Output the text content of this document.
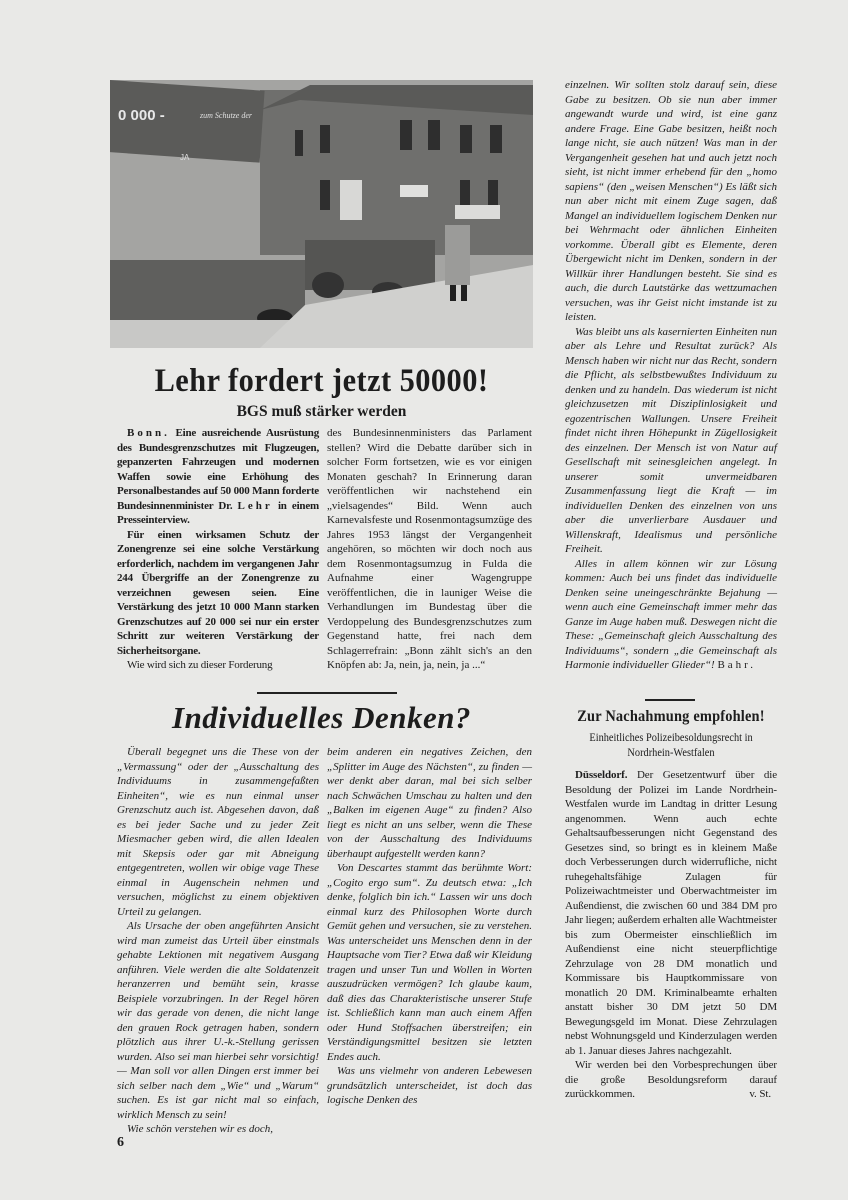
0 000 -	zum Schutze der
JA
Lehr fordert jetzt 50000!
BGS muß stärker werden

Bonn. Eine ausreichende Ausrüstung des Bundesgrenzschutzes mit Flugzeugen, gepanzerten Fahrzeugen und modernen Waffen sowie eine Erhöhung des Personalbestandes auf 50 000 Mann forderte Bundesinnenminister Dr. Lehr in einem Presseinterview.

Für einen wirksamen Schutz der Zonengrenze sei eine solche Verstärkung erforderlich, nachdem im vergangenen Jahr 244 Übergriffe an der Zonengrenze zu verzeichnen gewesen seien. Eine Verstärkung des jetzt 10 000 Mann starken Grenzschutzes auf 20 000 sei nur ein erster Schritt zur weiteren Verstärkung der Sicherheitsorgane.

Wie wird sich zu dieser Forderung

des Bundesinnenministers das Parlament stellen? Wird die Debatte darüber sich in solcher Form fortsetzen, wie es vor einigen Monaten geschah? In Erinnerung daran veröffentlichen wir nachstehend ein „vielsagendes“ Bild. Wenn auch Karnevalsfeste und Rosenmontagsumzüge des Jahres 1953 längst der Vergangenheit angehören, so möchten wir doch noch aus dem Rosenmontagsumzug in Fulda die Aufnahme einer Wagengruppe veröffentlichen, die in launiger Weise die Verhandlungen im Bundestag über die Verdoppelung des Bundesgrenzschutzes zum Gegenstand hatte, frei nach dem Schlagerrefrain: „Bonn zählt sich's an den Knöpfen ab: Ja, nein, ja, nein, ja ...“

Individuelles Denken?

Überall begegnet uns die These von der „Vermassung“ oder der „Ausschaltung des Individuums in zusammengefaßten Einheiten“, wie es nun einmal unser Grenzschutz auch ist. Abgesehen davon, daß es bei jeder Sache und zu jeder Zeit Miesmacher geben wird, die allen Idealen mit Skepsis oder gar mit Abneigung entgegentreten, wollen wir obige vage These einmal in Augenschein nehmen und versuchen, möglichst zu einem objektiven Urteil zu gelangen.

Als Ursache der oben angeführten Ansicht wird man zumeist das Urteil über einstmals gehabte Lektionen mit negativem Ausgang anführen. Viele werden die alte Soldatenzeit heranzerren und bemüht sein, krasse Beispiele vorzubringen. In der Regel hören wir das gerade von denen, die nicht lange den grauen Rock getragen haben, sondern plötzlich aus ihrer U.-k.-Stellung gerissen wurden. Also sei man hierbei sehr vorsichtig! — Man soll vor allen Dingen erst immer bei sich selber nach dem „Wie“ und „Warum“ suchen. Es ist gar nicht mal so einfach, wirklich Mensch zu sein!

Wie schön verstehen wir es doch,

beim anderen ein negatives Zeichen, den „Splitter im Auge des Nächsten“, zu finden — wer denkt aber daran, mal bei sich selber nach Schwächen Umschau zu halten und den „Balken im eigenen Auge“ zu finden? Also liegt es nicht an uns selber, wenn die These von der Ausschaltung des Individuums überhaupt aufgestellt werden kann?

Von Descartes stammt das berühmte Wort: „Cogito ergo sum“. Zu deutsch etwa: „Ich denke, folglich bin ich.“ Lassen wir uns doch einmal kurz des Philosophen Worte durch Gemüt gehen und versuchen, sie zu verstehen. Was unterscheidet uns Menschen denn in der Hauptsache vom Tier? Etwa daß wir Kleidung tragen und unser Tun und Wollen in Worten auszudrücken vermögen? Ich glaube kaum, daß dies das Charakteristische unserer Stufe ist. Schließlich kann man auch einem Affen oder Hund Stoffsachen überstreifen; ein Verständigungsmittel besitzen sie letzten Endes auch.

Was uns vielmehr von anderen Lebewesen grundsätzlich unterscheidet, ist doch das logische Denken des

einzelnen. Wir sollten stolz darauf sein, diese Gabe zu besitzen. Ob sie nun aber immer angewandt wurde und wird, ist eine ganz andere Frage. Eine Gabe besitzen, heißt noch lange nicht, sie auch nützen! Was man in der Vergangenheit gesehen hat und auch jetzt noch sieht, ist nicht immer erhebend für den „homo sapiens“ (den „weisen Menschen“) Es läßt sich nun aber nicht mit einem Zuge sagen, daß Mangel an individuellem logischem Denken nur bei Wehrmacht oder ähnlichen Einheiten vorkomme. Überall gibt es Elemente, deren Übergewicht nicht im Denken, sondern in der Willkür ihrer Handlungen besteht. Sie sind es auch, die durch Lautstärke das wettzumachen versuchen, was ihr Geist nicht imstande ist zu leisten.

Was bleibt uns als kasernierten Einheiten nun aber als Lehre und Resultat zurück? Als Mensch haben wir nicht nur das Recht, sondern die Pflicht, als selbstbewußtes Individuum zu denken und zu handeln. Das wiederum ist nicht gleichzusetzen mit Disziplinlosigkeit und egozentrischen Wallungen. Unsere Freiheit findet nicht ihren Höhepunkt in Zügellosigkeit des einzelnen. Der Mensch ist von Natur auf Gesellschaft mit seinesgleichen angelegt. In unserer somit unvermeidbaren Zusammenfassung liegt die Kraft — im individuellen Denken des einzelnen von uns aber die unverlierbare Ausdauer und Willenskraft, Idealismus und persönliche Freiheit.

Alles in allem können wir zur Lösung kommen: Auch bei uns findet das individuelle Denken seine uneingeschränkte Bejahung — wenn auch eine Gemeinschaft immer mehr das Ganze im Auge haben muß. Deswegen nicht die These: „Gemeinschaft gleich Ausschaltung des Individuums“, sondern „die Gemeinschaft als Harmonie individueller Glieder“! Bahr.

Zur Nachahmung empfohlen!
Einheitliches Polizeibesoldungsrecht in
Nordrhein-Westfalen

Düsseldorf. Der Gesetzentwurf über die Besoldung der Polizei im Lande Nordrhein-Westfalen wurde im Landtag in dritter Lesung angenommen. Wenn auch echte Gehaltsaufbesserungen nicht Gegenstand des Gesetzes sind, so bringt es in kleinem Maße doch Verbesserungen durch widerrufliche, nicht ruhegehaltsfähige Zulagen für Polizeiwachtmeister und Oberwachtmeister im Außendienst, die zwischen 60 und 384 DM pro Jahr liegen; außerdem erhalten alle Wachtmeister bis zum Obermeister einschließlich im Außendienst eine nicht steuerpflichtige Zehrzulage von 28 DM monatlich und Kommissare bis Hauptkommissare von monatlich 20 DM. Kriminalbeamte erhalten anstatt bisher 30 DM jetzt 50 DM Bewegungsgeld im Monat. Diese Zehrzulagen nebst Wohnungsgeld und Kinderzulagen werden ab 1. Januar dieses Jahres nachgezahlt.

Wir werden bei den Vorbesprechungen über die große Besoldungsreform darauf zurückkommen.	v. St.

6
